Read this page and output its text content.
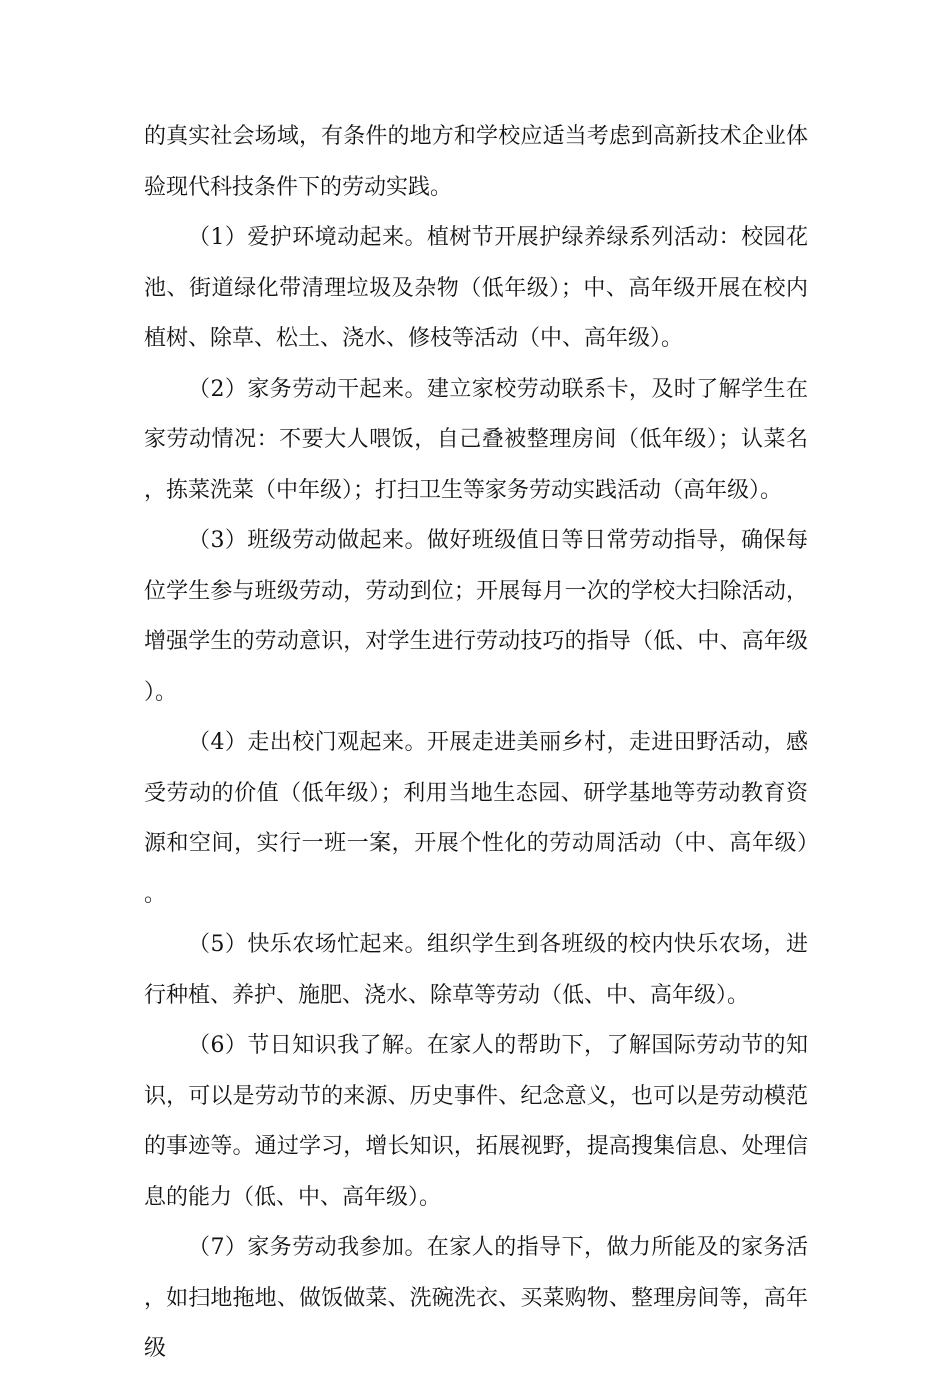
的真实社会场域，有条件的地方和学校应适当考虑到高新技术企业体验现代科技条件下的劳动实践。

（1）爱护环境动起来。植树节开展护绿养绿系列活动：校园花池、街道绿化带清理垃圾及杂物（低年级）；中、高年级开展在校内植树、除草、松土、浇水、修枝等活动（中、高年级）。

（2）家务劳动干起来。建立家校劳动联系卡，及时了解学生在家劳动情况：不要大人喂饭，自己叠被整理房间（低年级）；认菜名，拣菜洗菜（中年级）；打扫卫生等家务劳动实践活动（高年级）。

（3）班级劳动做起来。做好班级值日等日常劳动指导，确保每位学生参与班级劳动，劳动到位；开展每月一次的学校大扫除活动，增强学生的劳动意识，对学生进行劳动技巧的指导（低、中、高年级）。

（4）走出校门观起来。开展走进美丽乡村，走进田野活动，感受劳动的价值（低年级）；利用当地生态园、研学基地等劳动教育资源和空间，实行一班一案，开展个性化的劳动周活动（中、高年级）。

（5）快乐农场忙起来。组织学生到各班级的校内快乐农场，进行种植、养护、施肥、浇水、除草等劳动（低、中、高年级）。

（6）节日知识我了解。在家人的帮助下，了解国际劳动节的知识，可以是劳动节的来源、历史事件、纪念意义，也可以是劳动模范的事迹等。通过学习，增长知识，拓展视野，提高搜集信息、处理信息的能力（低、中、高年级）。

（7）家务劳动我参加。在家人的指导下，做力所能及的家务活，如扫地拖地、做饭做菜、洗碗洗衣、买菜购物、整理房间等，高年级
